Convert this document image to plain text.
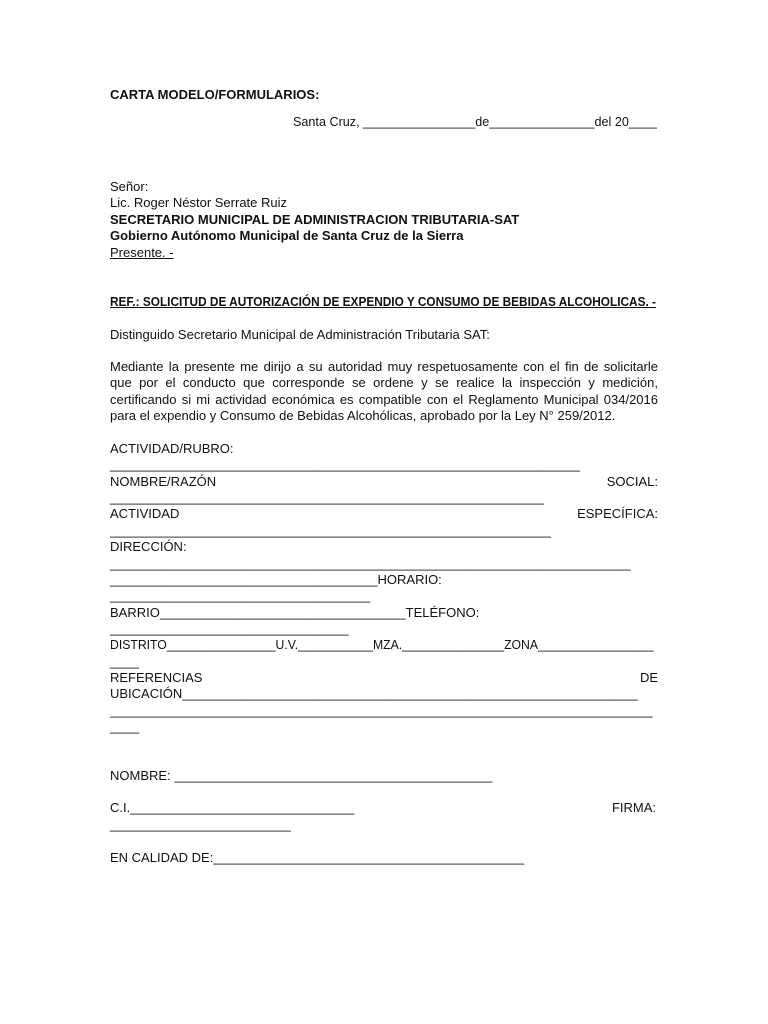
CARTA MODELO/FORMULARIOS:
Santa Cruz, ________________de_______________del 20____
Señor:
Lic. Roger Néstor Serrate Ruiz
SECRETARIO MUNICIPAL DE ADMINISTRACION TRIBUTARIA-SAT
Gobierno Autónomo Municipal de Santa Cruz de la Sierra
Presente. -
REF.: SOLICITUD DE AUTORIZACIÓN DE EXPENDIO Y CONSUMO DE BEBIDAS ALCOHOLICAS. -
Distinguido Secretario Municipal de Administración Tributaria SAT:
Mediante la presente me dirijo a su autoridad muy respetuosamente con el fin de solicitarle
que por el conducto que corresponde se ordene y se realice la inspección y medición,
certificando si mi actividad económica es compatible con el Reglamento Municipal 034/2016
para el expendio y Consumo de Bebidas Alcohólicas, aprobado por la Ley N° 259/2012.
ACTIVIDAD/RUBRO:
_________________________________________________________________
NOMBRE/RAZÓN	SOCIAL:
____________________________________________________________
ACTIVIDAD	ESPECÍFICA:
_____________________________________________________________
DIRECCIÓN:
________________________________________________________________________
_____________________________________HORARIO:
____________________________________
BARRIO__________________________________TELÉFONO:
_________________________________
DISTRITO________________U.V.___________MZA._______________ZONA_________________
____
REFERENCIAS	DE
UBICACIÓN_______________________________________________________________
_______________________________________________________________________________
____
NOMBRE: ____________________________________________
C.I._______________________________	FIRMA:
_________________________
EN CALIDAD DE:___________________________________________
